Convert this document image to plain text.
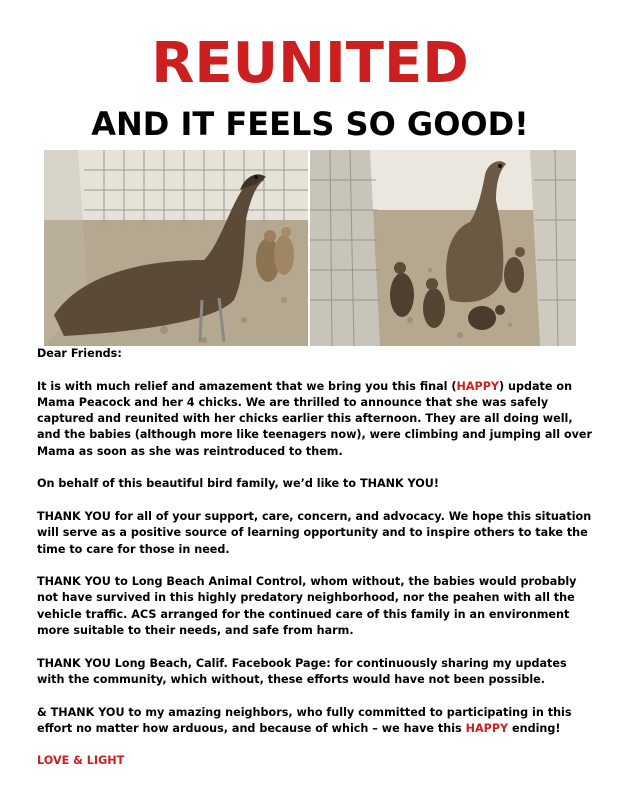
REUNITED
AND IT FEELS SO GOOD!

Dear Friends:

It is with much relief and amazement that we bring you this final (HAPPY) update on Mama Peacock and her 4 chicks. We are thrilled to announce that she was safely captured and reunited with her chicks earlier this afternoon. They are all doing well, and the babies (although more like teenagers now), were climbing and jumping all over Mama as soon as she was reintroduced to them.

On behalf of this beautiful bird family, we’d like to THANK YOU!

THANK YOU for all of your support, care, concern, and advocacy. We hope this situation will serve as a positive source of learning opportunity and to inspire others to take the time to care for those in need.

THANK YOU to Long Beach Animal Control, whom without, the babies would probably not have survived in this highly predatory neighborhood, nor the peahen with all the vehicle traffic. ACS arranged for the continued care of this family in an environment more suitable to their needs, and safe from harm.

THANK YOU Long Beach, Calif. Facebook Page: for continuously sharing my updates with the community, which without, these efforts would have not been possible.

& THANK YOU to my amazing neighbors, who fully committed to participating in this effort no matter how arduous, and because of which – we have this HAPPY ending!

LOVE & LIGHT
